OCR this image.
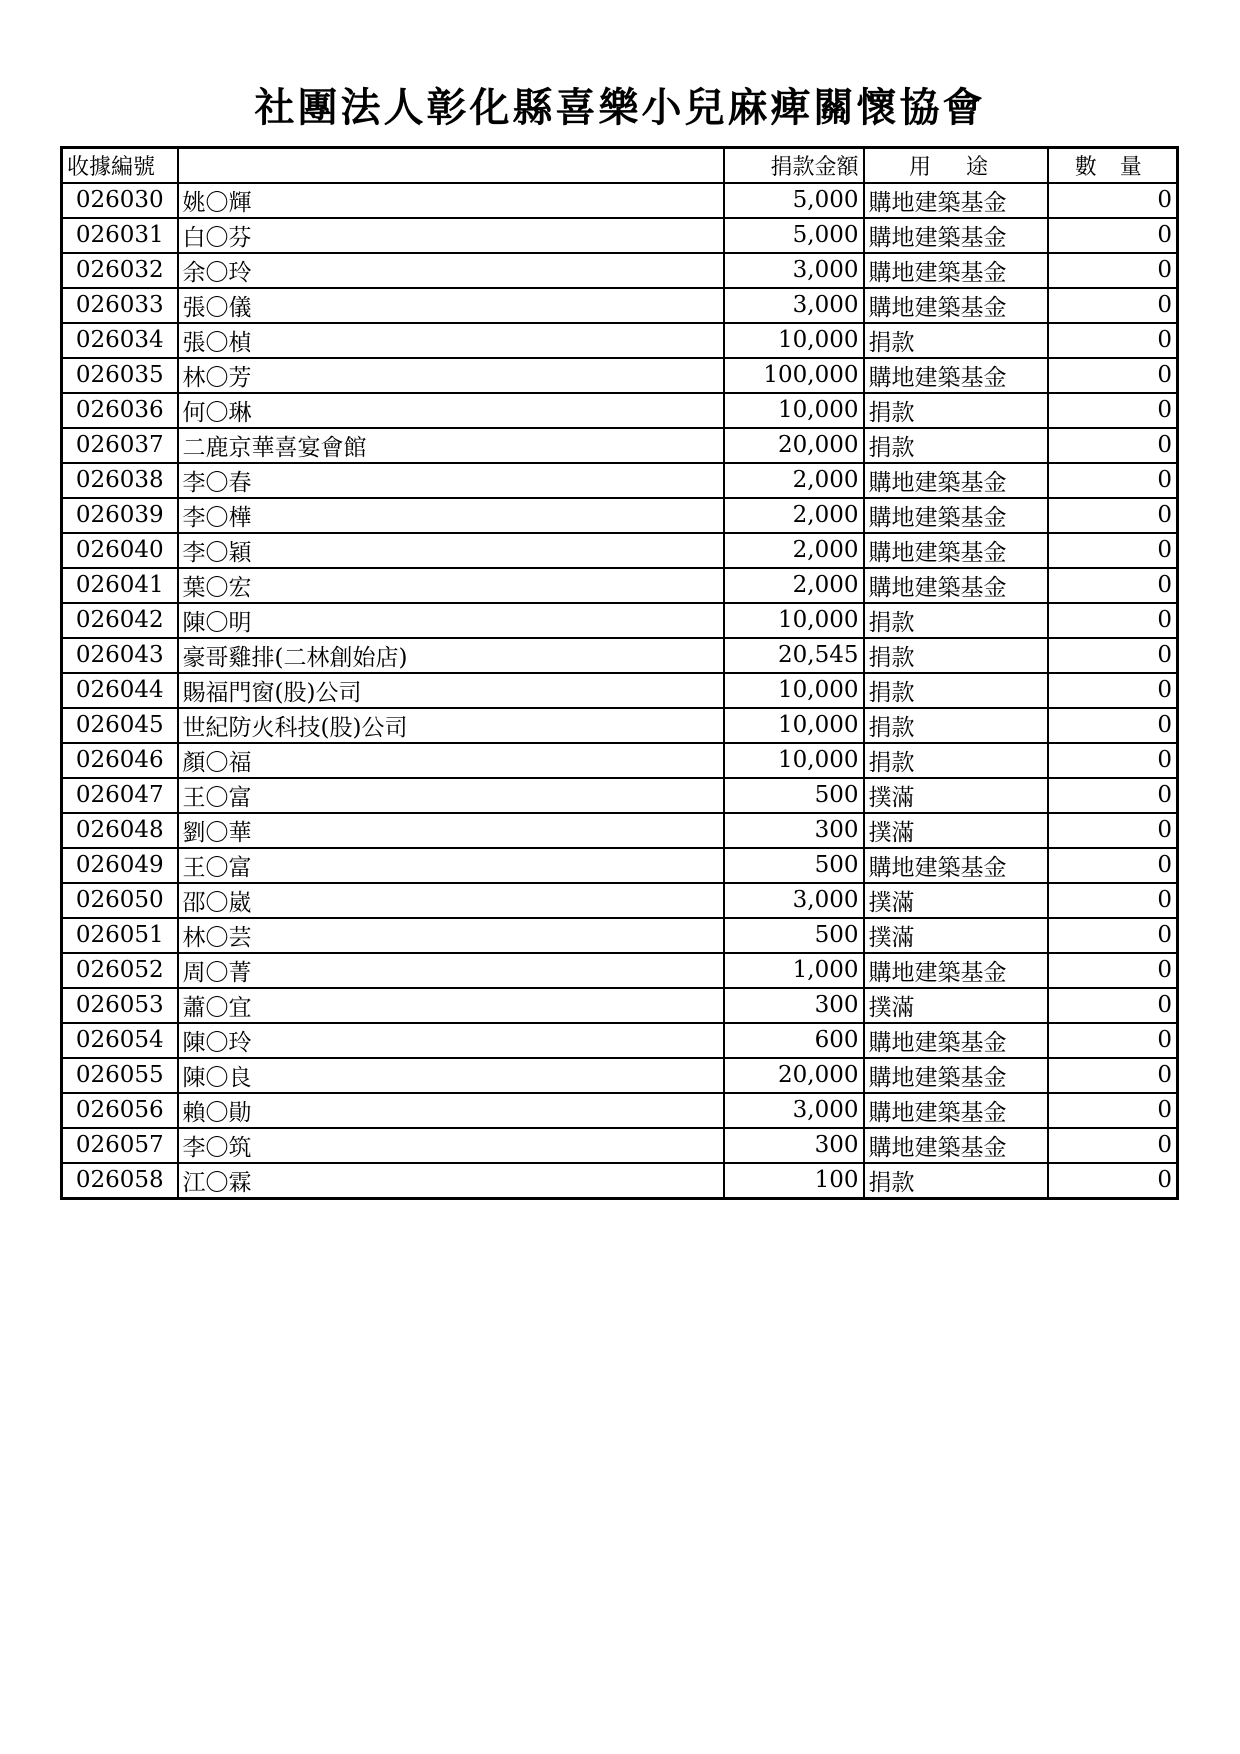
社團法人彰化縣喜樂小兒麻痺關懷協會
收據編號		捐款金額	用 途	數 量
026030	姚〇輝	5,000	購地建築基金	0
026031	白〇芬	5,000	購地建築基金	0
026032	余〇玲	3,000	購地建築基金	0
026033	張〇儀	3,000	購地建築基金	0
026034	張〇楨	10,000	捐款	0
026035	林〇芳	100,000	購地建築基金	0
026036	何〇琳	10,000	捐款	0
026037	二鹿京華喜宴會館	20,000	捐款	0
026038	李〇春	2,000	購地建築基金	0
026039	李〇樺	2,000	購地建築基金	0
026040	李〇穎	2,000	購地建築基金	0
026041	葉〇宏	2,000	購地建築基金	0
026042	陳〇明	10,000	捐款	0
026043	豪哥雞排(二林創始店)	20,545	捐款	0
026044	賜福門窗(股)公司	10,000	捐款	0
026045	世紀防火科技(股)公司	10,000	捐款	0
026046	顏〇福	10,000	捐款	0
026047	王〇富	500	撲滿	0
026048	劉〇華	300	撲滿	0
026049	王〇富	500	購地建築基金	0
026050	邵〇崴	3,000	撲滿	0
026051	林〇芸	500	撲滿	0
026052	周〇菁	1,000	購地建築基金	0
026053	蕭〇宜	300	撲滿	0
026054	陳〇玲	600	購地建築基金	0
026055	陳〇良	20,000	購地建築基金	0
026056	賴〇勛	3,000	購地建築基金	0
026057	李〇筑	300	購地建築基金	0
026058	江〇霖	100	捐款	0
